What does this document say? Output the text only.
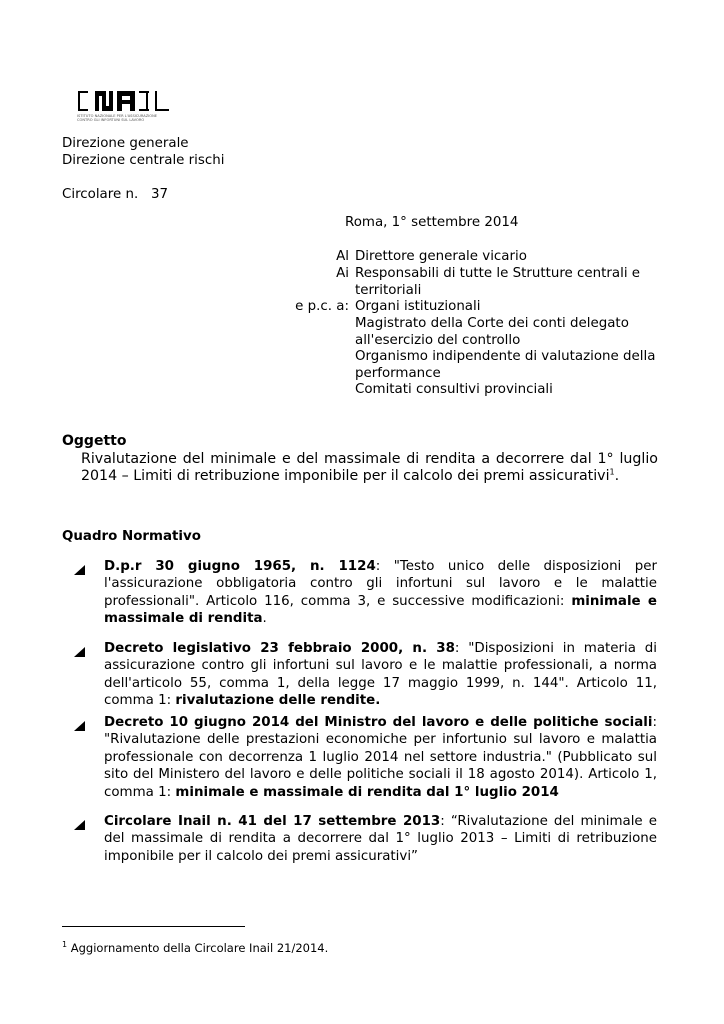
ISTITUTO NAZIONALE PER L'ASSICURAZIONE
CONTRO GLI INFORTUNI SUL LAVORO
Direzione generale
Direzione centrale rischi
Circolare n. 37
Roma, 1° settembre 2014
Al Direttore generale vicario
Ai Responsabili di tutte le Strutture centrali e
territoriali
e p.c. a: Organi istituzionali
Magistrato della Corte dei conti delegato
all'esercizio del controllo
Organismo indipendente di valutazione della
performance
Comitati consultivi provinciali
Oggetto
Rivalutazione del minimale e del massimale di rendita a decorrere dal 1° luglio 2014 – Limiti di retribuzione imponibile per il calcolo dei premi assicurativi$^1$.
Quadro Normativo
D.p.r 30 giugno 1965, n. 1124: "Testo unico delle disposizioni per l'assicurazione obbligatoria contro gli infortuni sul lavoro e le malattie professionali". Articolo 116, comma 3, e successive modificazioni: minimale e massimale di rendita.
Decreto legislativo 23 febbraio 2000, n. 38: "Disposizioni in materia di assicurazione contro gli infortuni sul lavoro e le malattie professionali, a norma dell'articolo 55, comma 1, della legge 17 maggio 1999, n. 144". Articolo 11, comma 1: rivalutazione delle rendite.
Decreto 10 giugno 2014 del Ministro del lavoro e delle politiche sociali: "Rivalutazione delle prestazioni economiche per infortunio sul lavoro e malattia professionale con decorrenza 1 luglio 2014 nel settore industria." (Pubblicato sul sito del Ministero del lavoro e delle politiche sociali il 18 agosto 2014). Articolo 1, comma 1: minimale e massimale di rendita dal 1° luglio 2014
Circolare Inail n. 41 del 17 settembre 2013: “Rivalutazione del minimale e del massimale di rendita a decorrere dal 1° luglio 2013 – Limiti di retribuzione imponibile per il calcolo dei premi assicurativi”
$^1$ Aggiornamento della Circolare Inail 21/2014.
